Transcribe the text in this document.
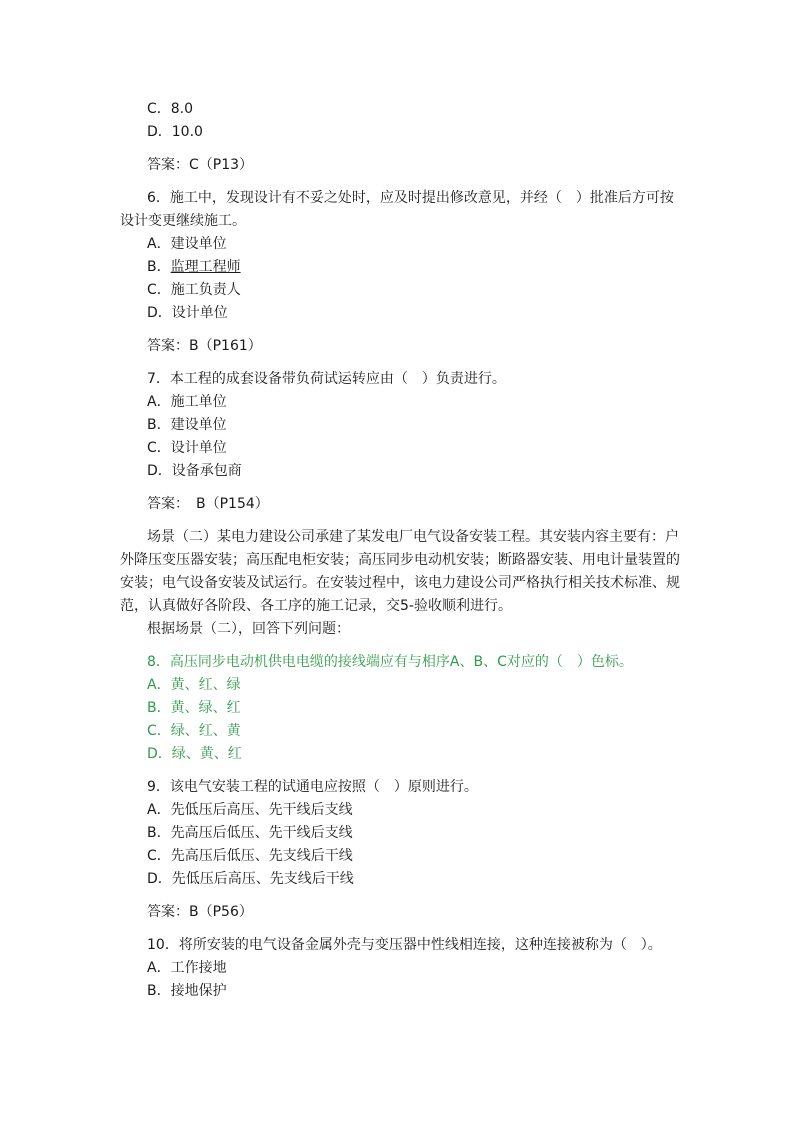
C．8.0
D．10.0
答案：C（P13）
6．施工中，发现设计有不妥之处时，应及时提出修改意见，并经（　）批准后方可按
设计变更继续施工。
A．建设单位
B．监理工程师
C．施工负责人
D．设计单位
答案：B（P161）
7．本工程的成套设备带负荷试运转应由（　）负责进行。
A．施工单位
B．建设单位
C．设计单位
D．设备承包商
答案：　B（P154）
场景（二）某电力建设公司承建了某发电厂电气设备安装工程。其安装内容主要有：户
外降压变压器安装；高压配电柜安装；高压同步电动机安装；断路器安装、用电计量装置的
安装；电气设备安装及试运行。在安装过程中，该电力建设公司严格执行相关技术标准、规
范，认真做好各阶段、各工序的施工记录，交5-验收顺利进行。
根据场景（二），回答下列问题：
8．高压同步电动机供电电缆的接线端应有与相序A、B、C对应的（　）色标。
A．黄、红、绿
B．黄、绿、红
C．绿、红、黄
D．绿、黄、红
9．该电气安装工程的试通电应按照（　）原则进行。
A．先低压后高压、先干线后支线
B．先高压后低压、先干线后支线
C．先高压后低压、先支线后干线
D．先低压后高压、先支线后干线
答案：B（P56）
10．将所安装的电气设备金属外壳与变压器中性线相连接，这种连接被称为（　）。
A．工作接地
B．接地保护
